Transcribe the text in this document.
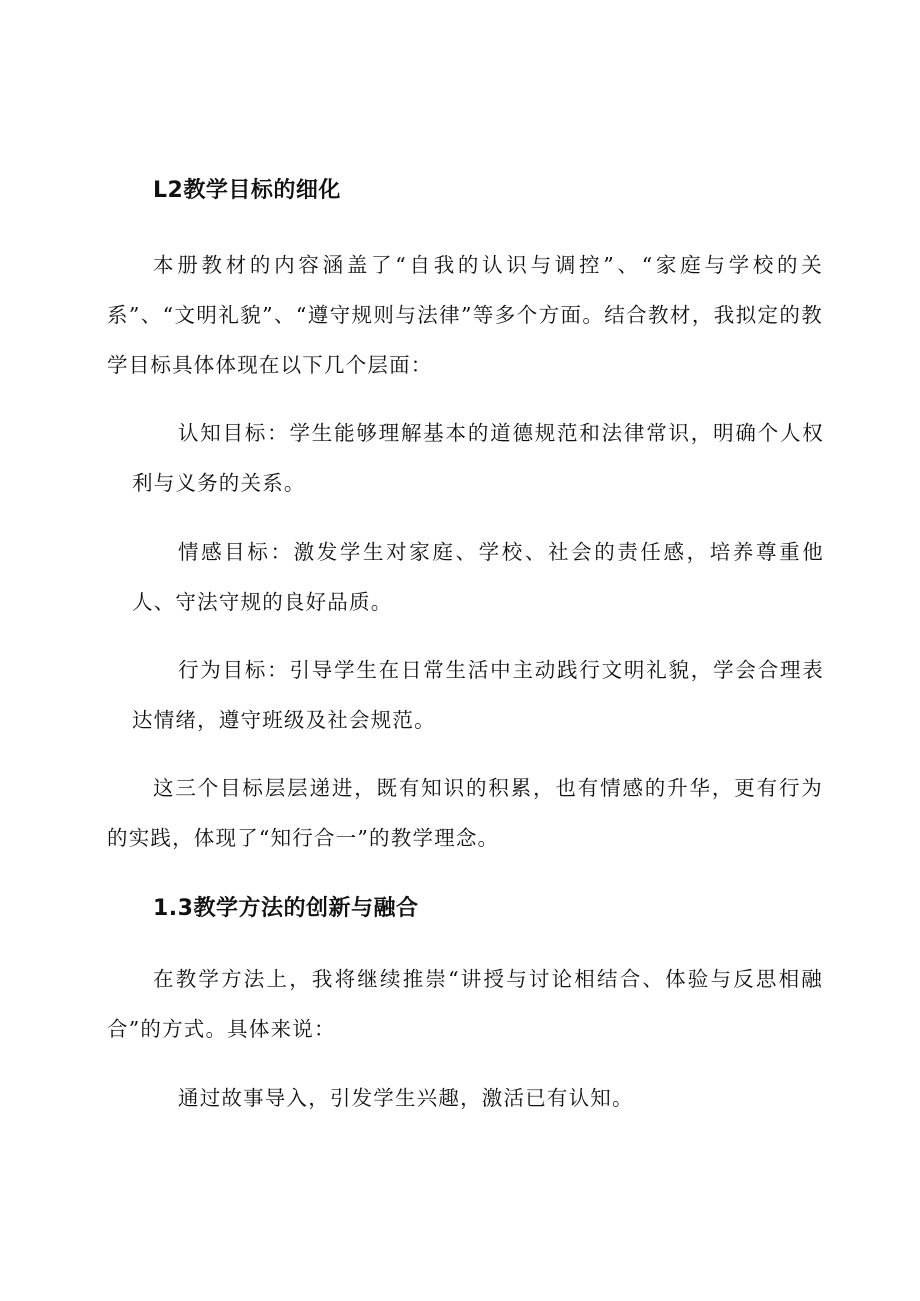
L2教学目标的细化

本册教材的内容涵盖了“自我的认识与调控”、“家庭与学校的关系”、“文明礼貌”、“遵守规则与法律”等多个方面。结合教材，我拟定的教学目标具体体现在以下几个层面：

认知目标：学生能够理解基本的道德规范和法律常识，明确个人权利与义务的关系。

情感目标：激发学生对家庭、学校、社会的责任感，培养尊重他人、守法守规的良好品质。

行为目标：引导学生在日常生活中主动践行文明礼貌，学会合理表达情绪，遵守班级及社会规范。

这三个目标层层递进，既有知识的积累，也有情感的升华，更有行为的实践，体现了“知行合一”的教学理念。

1.3教学方法的创新与融合

在教学方法上，我将继续推崇“讲授与讨论相结合、体验与反思相融合”的方式。具体来说：

通过故事导入，引发学生兴趣，激活已有认知。
